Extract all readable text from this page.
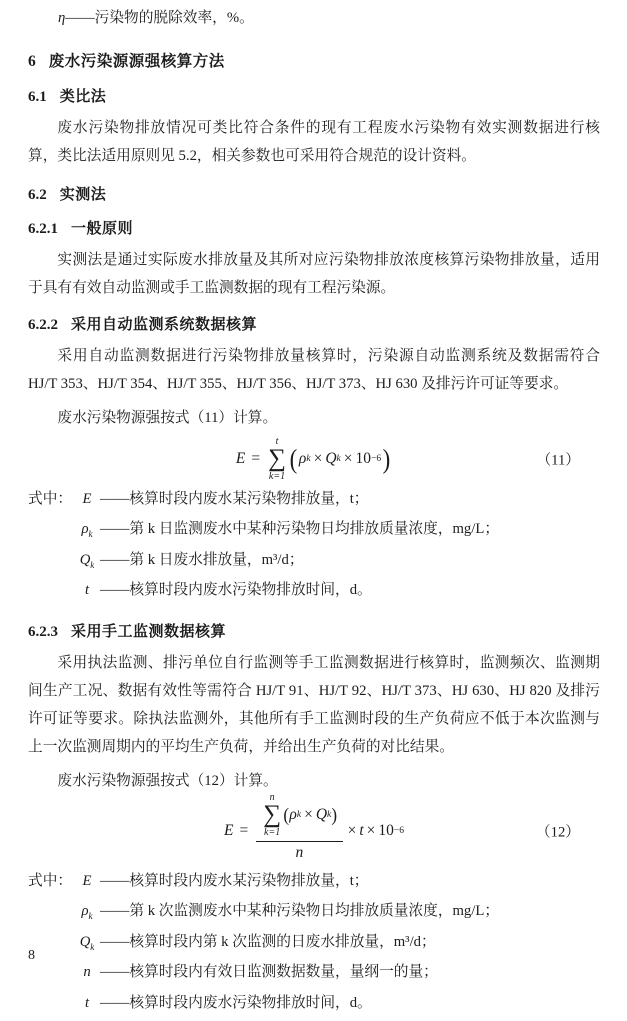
η——污染物的脱除效率，%。

6 废水污染源源强核算方法
6.1 类比法

废水污染物排放情况可类比符合条件的现有工程废水污染物有效实测数据进行核算，类比法适用原则见 5.2，相关参数也可采用符合规范的设计资料。

6.2 实测法
6.2.1 一般原则

实测法是通过实际废水排放量及其所对应污染物排放浓度核算污染物排放量，适用于具有有效自动监测或手工监测数据的现有工程污染源。

6.2.2 采用自动监测系统数据核算

采用自动监测数据进行污染物排放量核算时，污染源自动监测系统及数据需符合 HJ/T 353、HJ/T 354、HJ/T 355、HJ/T 356、HJ/T 373、HJ 630 及排污许可证等要求。

废水污染物源强按式（11）计算。

E =
t
∑
k=1
( ρ k × Q k × 10 −6 )	（11）
式中： E ——核算时段内废水某污染物排放量，t；
$\rho_k$ ——第 k 日监测废水中某种污染物日均排放质量浓度，mg/L；
$Q_k$ ——第 k 日废水排放量，m³/d；
t ——核算时段内废水污染物排放时间，d。
6.2.3 采用手工监测数据核算

采用执法监测、排污单位自行监测等手工监测数据进行核算时，监测频次、监测期间生产工况、数据有效性等需符合 HJ/T 91、HJ/T 92、HJ/T 373、HJ 630、HJ 820 及排污许可证等要求。除执法监测外，其他所有手工监测时段的生产负荷应不低于本次监测与上一次监测周期内的平均生产负荷，并给出生产负荷的对比结果。

废水污染物源强按式（12）计算。

E =
n
∑
k=1
( ρ k × Q k )
n
× t × 10 −6	（12）
式中： E ——核算时段内废水某污染物排放量，t；
$\rho_k$ ——第 k 次监测废水中某种污染物日均排放质量浓度，mg/L；
$Q_k$ ——核算时段内第 k 次监测的日废水排放量，m³/d；
n ——核算时段内有效日监测数据数量，量纲一的量；
t ——核算时段内废水污染物排放时间，d。
8
